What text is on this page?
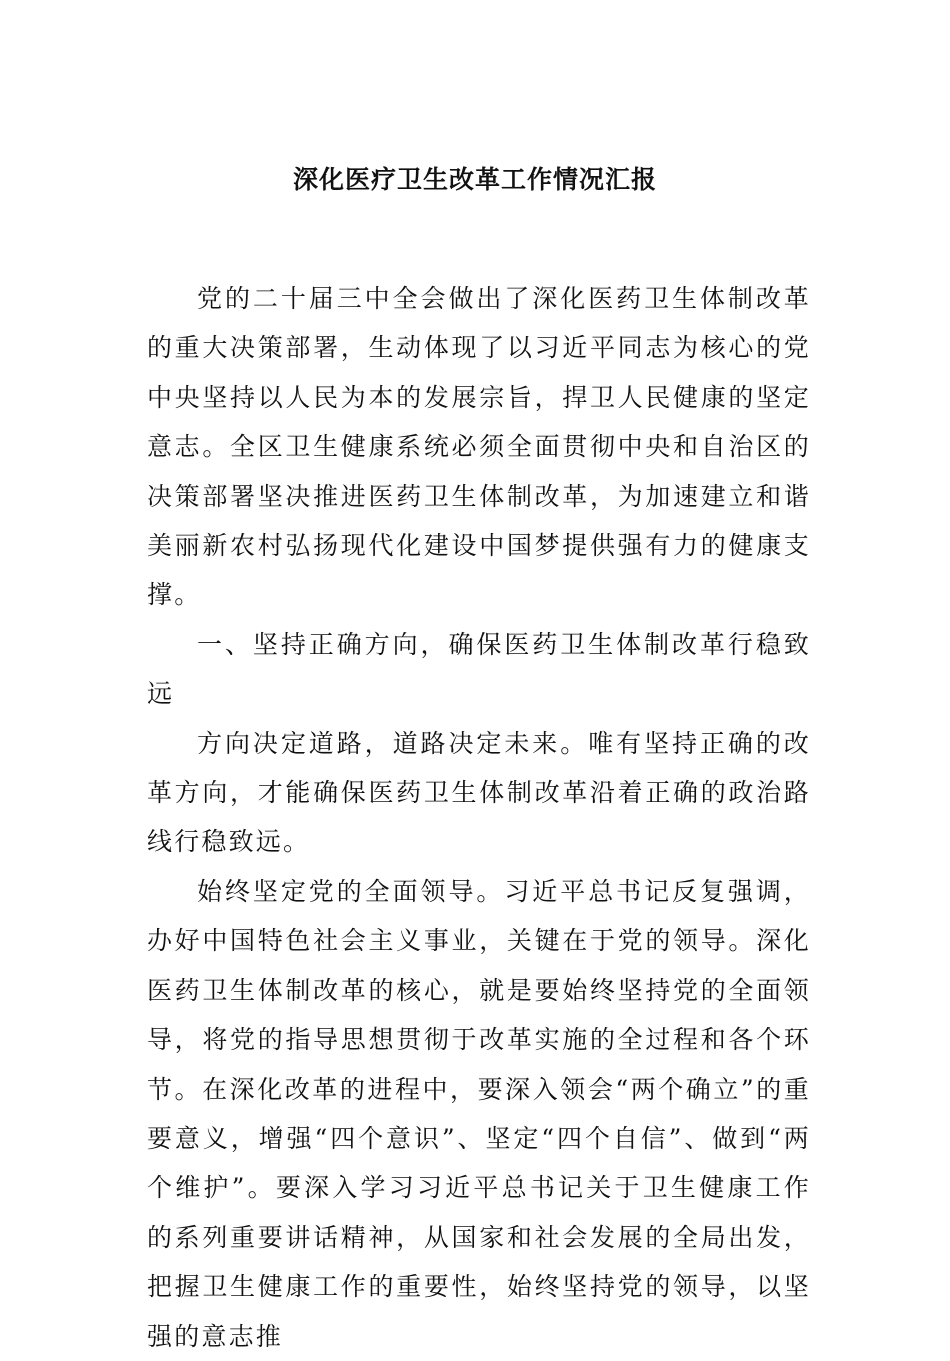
深化医疗卫生改革工作情况汇报

党的二十届三中全会做出了深化医药卫生体制改革的重大决策部署，生动体现了以习近平同志为核心的党中央坚持以人民为本的发展宗旨，捍卫人民健康的坚定意志。全区卫生健康系统必须全面贯彻中央和自治区的决策部署坚决推进医药卫生体制改革，为加速建立和谐美丽新农村弘扬现代化建设中国梦提供强有力的健康支撑。

一、坚持正确方向，确保医药卫生体制改革行稳致远

方向决定道路，道路决定未来。唯有坚持正确的改革方向，才能确保医药卫生体制改革沿着正确的政治路线行稳致远。

始终坚定党的全面领导。习近平总书记反复强调，办好中国特色社会主义事业，关键在于党的领导。深化医药卫生体制改革的核心，就是要始终坚持党的全面领导，将党的指导思想贯彻于改革实施的全过程和各个环节。在深化改革的进程中，要深入领会“两个确立”的重要意义，增强“四个意识”、坚定“四个自信”、做到“两个维护”。要深入学习习近平总书记关于卫生健康工作的系列重要讲话精神，从国家和社会发展的全局出发，把握卫生健康工作的重要性，始终坚持党的领导，以坚强的意志推
